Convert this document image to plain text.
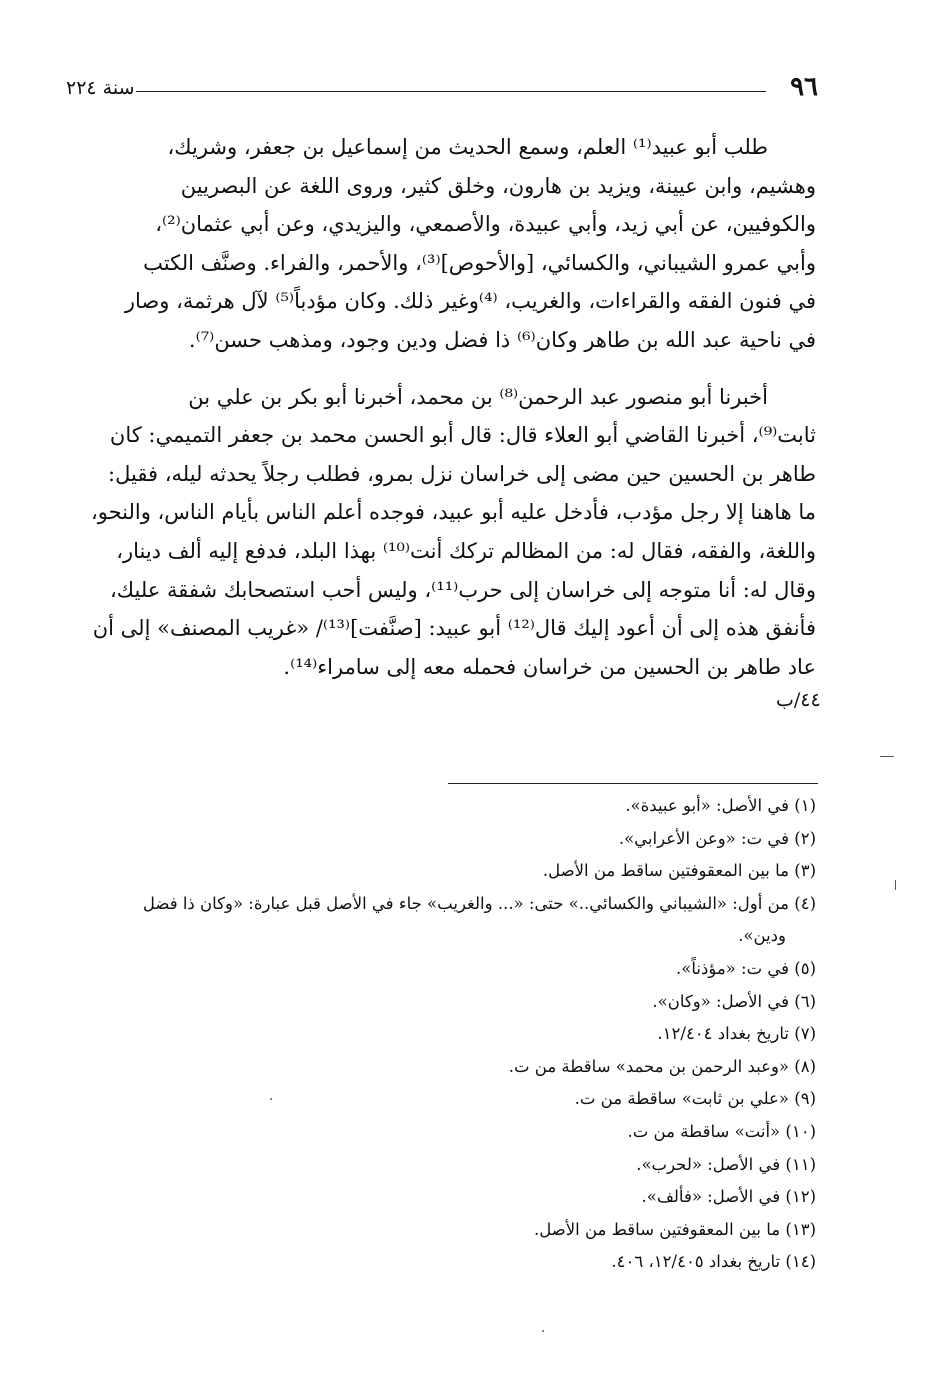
٩٦
سنة ٢٢٤
طلب أبو عبيد⁽¹⁾ العلم، وسمع الحديث من إسماعيل بن جعفر، وشريك،
وهشيم، وابن عيينة، ويزيد بن هارون، وخلق كثير، وروى اللغة عن البصريين
والكوفيين، عن أبي زيد، وأبي عبيدة، والأصمعي، واليزيدي، وعن أبي عثمان⁽²⁾،
وأبي عمرو الشيباني، والكسائي، [والأحوص]⁽³⁾، والأحمر، والفراء. وصنَّف الكتب
في فنون الفقه والقراءات، والغريب، ⁽⁴⁾وغير ذلك. وكان مؤدباً⁽⁵⁾ لآل هرثمة، وصار
في ناحية عبد الله بن طاهر وكان⁽⁶⁾ ذا فضل ودين وجود، ومذهب حسن⁽⁷⁾.
أخبرنا أبو منصور عبد الرحمن⁽⁸⁾ بن محمد، أخبرنا أبو بكر بن علي بن
ثابت⁽⁹⁾، أخبرنا القاضي أبو العلاء قال: قال أبو الحسن محمد بن جعفر التميمي: كان
طاهر بن الحسين حين مضى إلى خراسان نزل بمرو، فطلب رجلاً يحدثه ليله، فقيل:
ما هاهنا إلا رجل مؤدب، فأدخل عليه أبو عبيد، فوجده أعلم الناس بأيام الناس، والنحو،
واللغة، والفقه، فقال له: من المظالم تركك أنت⁽¹⁰⁾ بهذا البلد، فدفع إليه ألف دينار،
وقال له: أنا متوجه إلى خراسان إلى حرب⁽¹¹⁾، وليس أحب استصحابك شفقة عليك،
فأنفق هذه إلى أن أعود إليك قال⁽¹²⁾ أبو عبيد: [صنَّفت]⁽¹³⁾/ «غريب المصنف» إلى أن
عاد طاهر بن الحسين من خراسان فحمله معه إلى سامراء⁽¹⁴⁾.
٤٤/ب
(١) في الأصل: «أبو عبيدة».
(٢) في ت: «وعن الأعرابي».
(٣) ما بين المعقوفتين ساقط من الأصل.
(٤) من أول: «الشيباني والكسائي..» حتى: «... والغريب» جاء في الأصل قبل عبارة: «وكان ذا فضل
ودين».
(٥) في ت: «مؤذناً».
(٦) في الأصل: «وكان».
(٧) تاريخ بغداد ١٢/٤٠٤.
(٨) «وعبد الرحمن بن محمد» ساقطة من ت.
(٩) «علي بن ثابت» ساقطة من ت.
(١٠) «أنت» ساقطة من ت.
(١١) في الأصل: «لحرب».
(١٢) في الأصل: «فألف».
(١٣) ما بين المعقوفتين ساقط من الأصل.
(١٤) تاريخ بغداد ١٢/٤٠٥، ٤٠٦.
